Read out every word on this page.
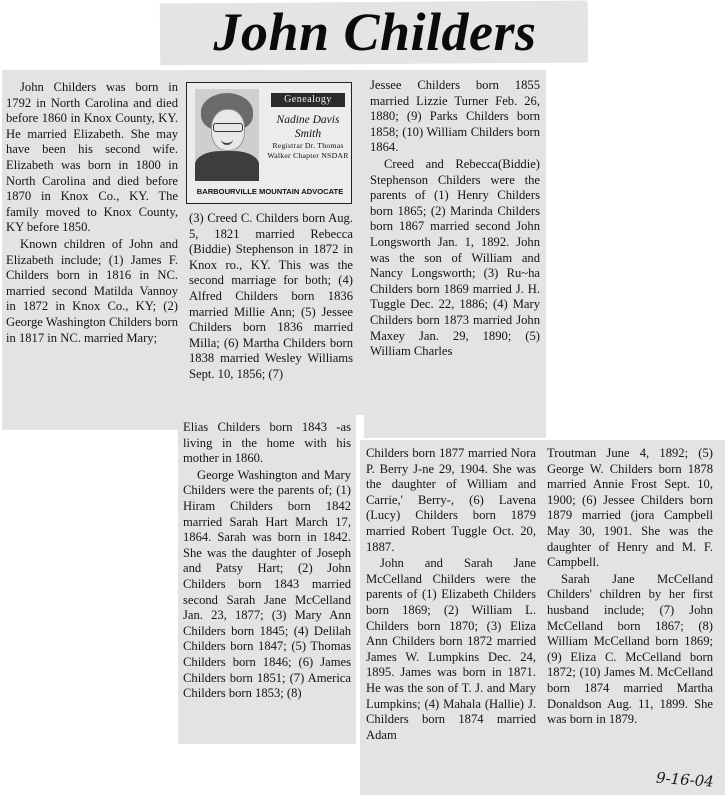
John Childers
Genealogy
Nadine Davis Smith
Registrar Dr. Thomas Walker Chapter NSDAR
BARBOURVILLE MOUNTAIN ADVOCATE

John Childers was born in 1792 in North Carolina and died before 1860 in Knox County, KY. He married Elizabeth. She may have been his second wife. Elizabeth was born in 1800 in North Carolina and died before 1870 in Knox Co., KY. The family moved to Knox County, KY before 1850.

Known children of John and Elizabeth include; (1) James F. Childers born in 1816 in NC. married second Matilda Vannoy in 1872 in Knox Co., KY; (2) George Washington Childers born in 1817 in NC. married Mary;

(3) Creed C. Childers born Aug. 5, 1821 married Rebecca (Biddie) Stephenson in 1872 in Knox ro., KY. This was the second marriage for both; (4) Alfred Childers born 1836 married Millie Ann; (5) Jessee Childers born 1836 married Milla; (6) Martha Childers born 1838 married Wesley Williams Sept. 10, 1856; (7)

Jessee Childers born 1855 married Lizzie Turner Feb. 26, 1880; (9) Parks Childers born 1858; (10) William Childers born 1864.

Creed and Rebecca(Biddie) Stephenson Childers were the parents of (1) Henry Childers born 1865; (2) Marinda Childers born 1867 married second John Longsworth Jan. 1, 1892. John was the son of William and Nancy Longsworth; (3) Ru~ha Childers born 1869 married J. H. Tuggle Dec. 22, 1886; (4) Mary Childers born 1873 married John Maxey Jan. 29, 1890; (5) William Charles

Elias Childers born 1843 -as living in the home with his mother in 1860.

George Washington and Mary Childers were the parents of; (1) Hiram Childers born 1842 married Sarah Hart March 17, 1864. Sarah was born in 1842. She was the daughter of Joseph and Patsy Hart; (2) John Childers born 1843 married second Sarah Jane McCelland Jan. 23, 1877; (3) Mary Ann Childers born 1845; (4) Delilah Childers born 1847; (5) Thomas Childers born 1846; (6) James Childers born 1851; (7) America Childers born 1853; (8)

Childers born 1877 married Nora P. Berry J-ne 29, 1904. She was the daughter of William and Carrie,' Berry-, (6) Lavena (Lucy) Childers born 1879 married Robert Tuggle Oct. 20, 1887.

John and Sarah Jane McCelland Childers were the parents of (1) Elizabeth Childers born 1869; (2) William L. Childers born 1870; (3) Eliza Ann Childers born 1872 married James W. Lumpkins Dec. 24, 1895. James was born in 1871. He was the son of T. J. and Mary Lumpkins; (4) Mahala (Hallie) J. Childers born 1874 married Adam

Troutman June 4, 1892; (5) George W. Childers born 1878 married Annie Frost Sept. 10, 1900; (6) Jessee Childers born 1879 married (jora Campbell May 30, 1901. She was the daughter of Henry and M. F. Campbell.

Sarah Jane McCelland Childers' children by her first husband include; (7) John McCelland born 1867; (8) William McCelland born 1869; (9) Eliza C. McCelland born 1872; (10) James M. McCelland born 1874 married Martha Donaldson Aug. 11, 1899. She was born in 1879.

9-16-04
